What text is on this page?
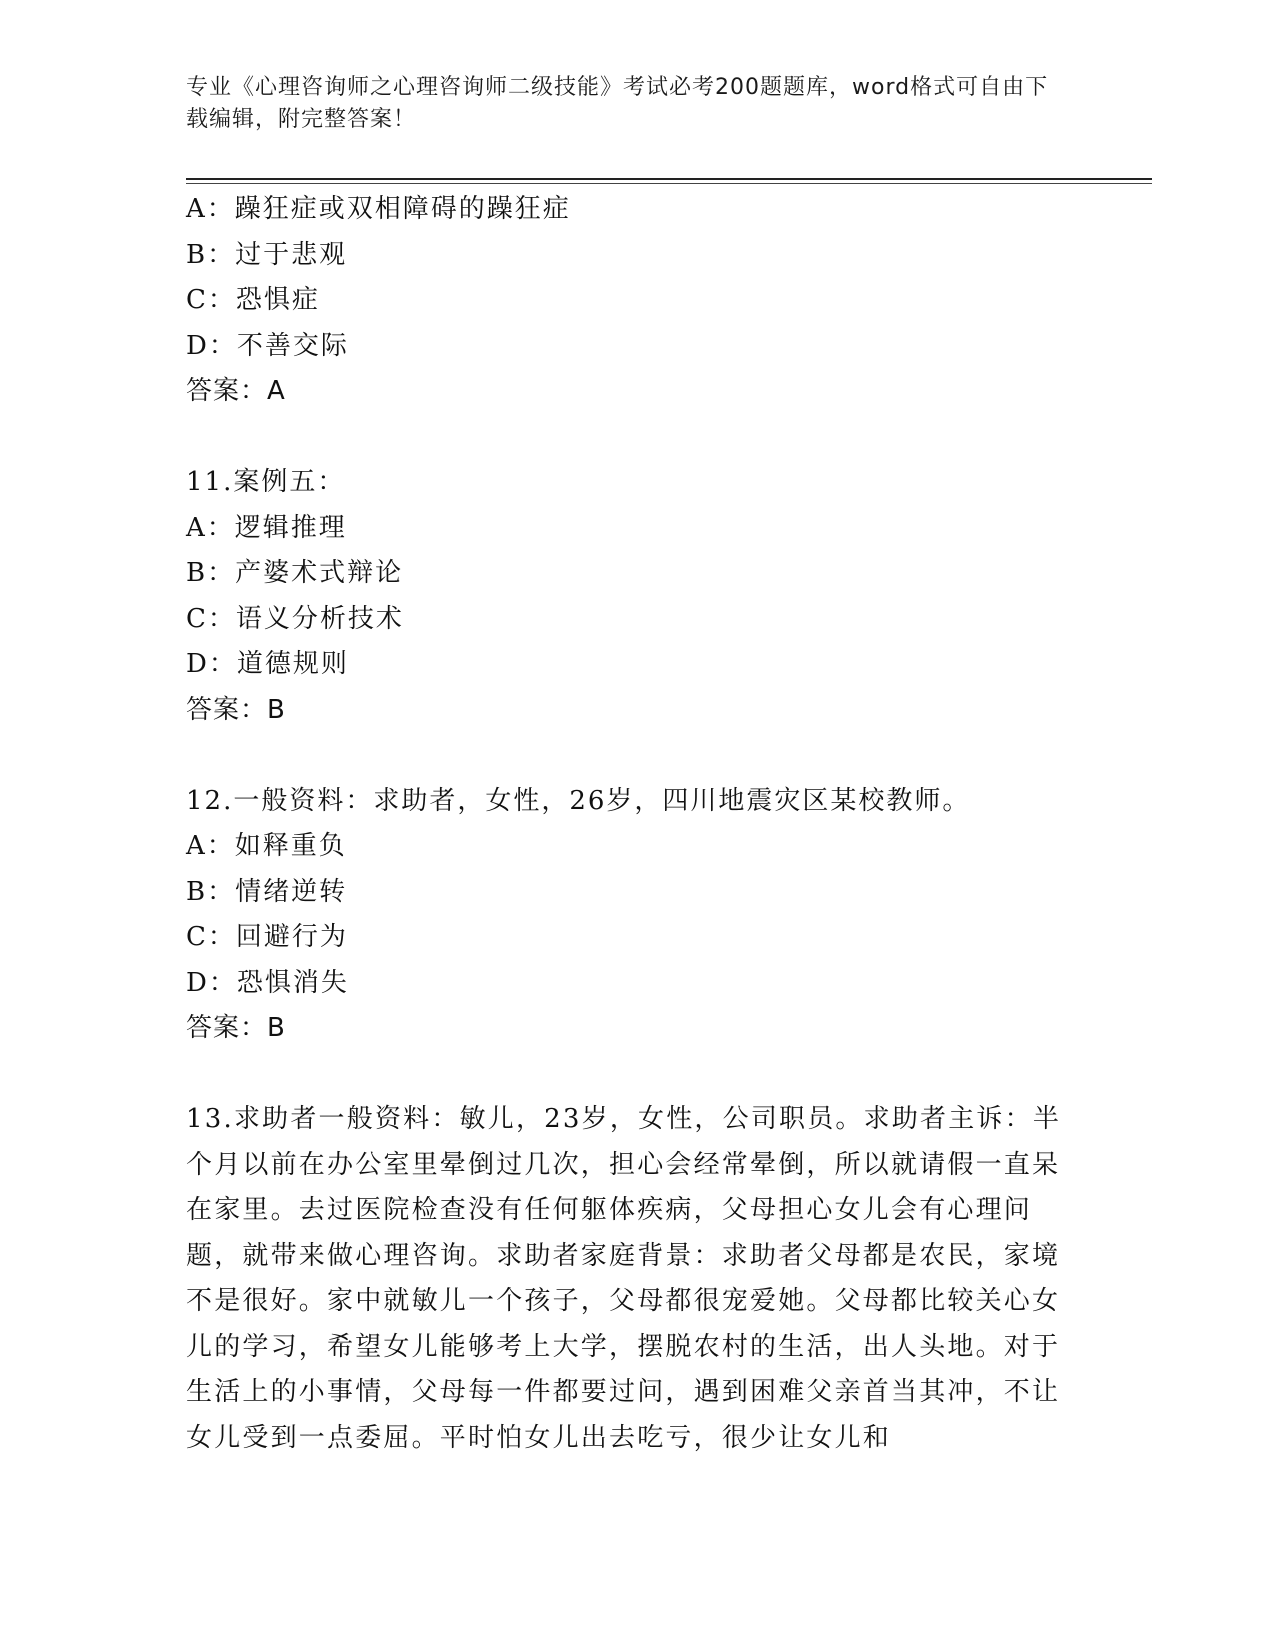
专业《心理咨询师之心理咨询师二级技能》考试必考200题题库，word格式可自由下载编辑，附完整答案！
A：躁狂症或双相障碍的躁狂症
B：过于悲观
C：恐惧症
D：不善交际
答案：A
11.案例五：
A：逻辑推理
B：产婆术式辩论
C：语义分析技术
D：道德规则
答案：B
12.一般资料：求助者，女性，26岁，四川地震灾区某校教师。
A：如释重负
B：情绪逆转
C：回避行为
D：恐惧消失
答案：B
13.求助者一般资料：敏儿，23岁，女性，公司职员。求助者主诉：半个月以前在办公室里晕倒过几次，担心会经常晕倒，所以就请假一直呆在家里。去过医院检查没有任何躯体疾病，父母担心女儿会有心理问题，就带来做心理咨询。求助者家庭背景：求助者父母都是农民，家境不是很好。家中就敏儿一个孩子，父母都很宠爱她。父母都比较关心女儿的学习，希望女儿能够考上大学，摆脱农村的生活，出人头地。对于生活上的小事情，父母每一件都要过问，遇到困难父亲首当其冲，不让女儿受到一点委屈。平时怕女儿出去吃亏，很少让女儿和
